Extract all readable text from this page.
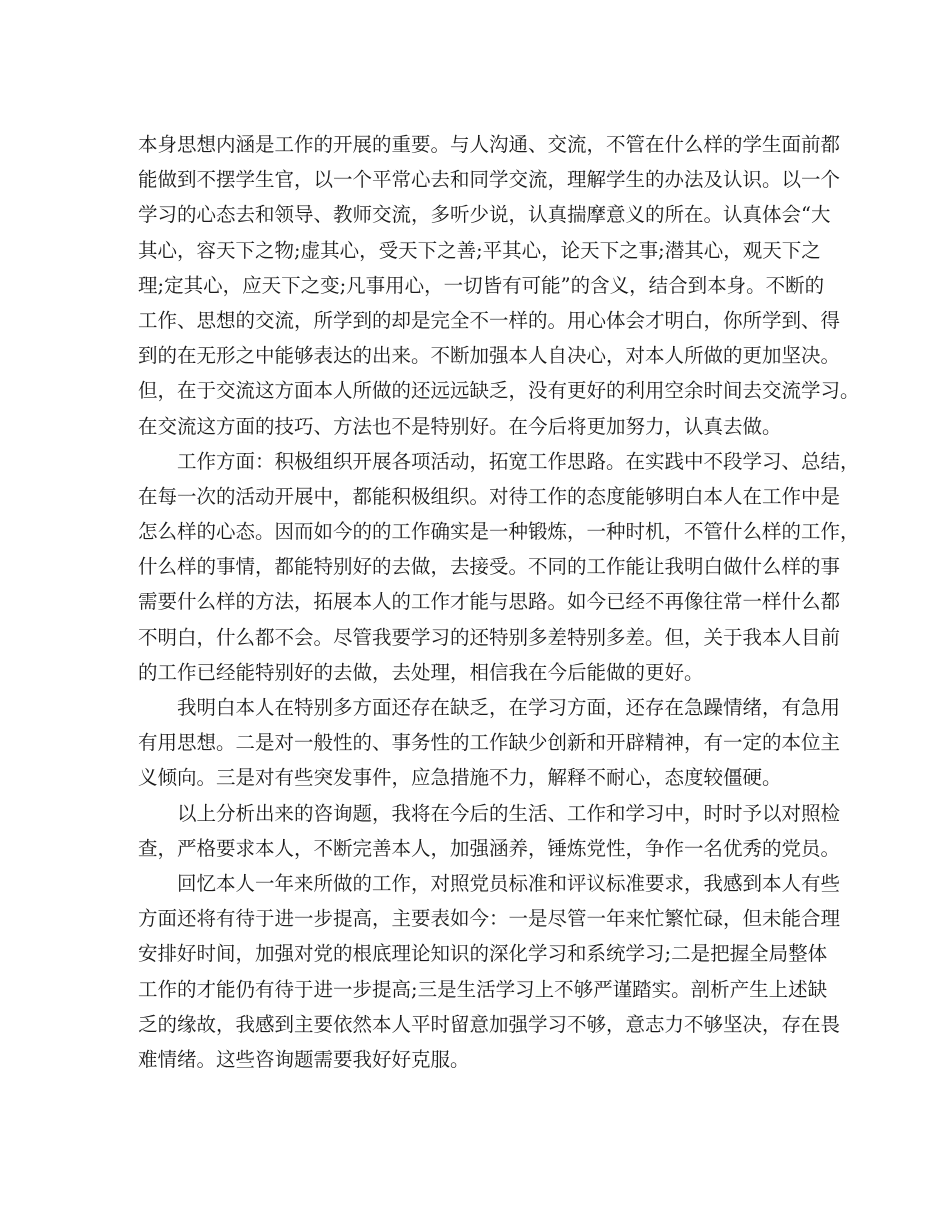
本身思想内涵是工作的开展的重要。与人沟通、交流，不管在什么样的学生面前都
能做到不摆学生官，以一个平常心去和同学交流，理解学生的办法及认识。以一个
学习的心态去和领导、教师交流，多听少说，认真揣摩意义的所在。认真体会“大
其心，容天下之物;虚其心，受天下之善;平其心，论天下之事;潜其心，观天下之
理;定其心，应天下之变;凡事用心，一切皆有可能”的含义，结合到本身。不断的
工作、思想的交流，所学到的却是完全不一样的。用心体会才明白，你所学到、得
到的在无形之中能够表达的出来。不断加强本人自决心，对本人所做的更加坚决。
但，在于交流这方面本人所做的还远远缺乏，没有更好的利用空余时间去交流学习。
在交流这方面的技巧、方法也不是特别好。在今后将更加努力，认真去做。
工作方面：积极组织开展各项活动，拓宽工作思路。在实践中不段学习、总结，
在每一次的活动开展中，都能积极组织。对待工作的态度能够明白本人在工作中是
怎么样的心态。因而如今的的工作确实是一种锻炼，一种时机，不管什么样的工作，
什么样的事情，都能特别好的去做，去接受。不同的工作能让我明白做什么样的事
需要什么样的方法，拓展本人的工作才能与思路。如今已经不再像往常一样什么都
不明白，什么都不会。尽管我要学习的还特别多差特别多差。但，关于我本人目前
的工作已经能特别好的去做，去处理，相信我在今后能做的更好。
我明白本人在特别多方面还存在缺乏，在学习方面，还存在急躁情绪，有急用
有用思想。二是对一般性的、事务性的工作缺少创新和开辟精神，有一定的本位主
义倾向。三是对有些突发事件，应急措施不力，解释不耐心，态度较僵硬。
以上分析出来的咨询题，我将在今后的生活、工作和学习中，时时予以对照检
查，严格要求本人，不断完善本人，加强涵养，锤炼党性，争作一名优秀的党员。
回忆本人一年来所做的工作，对照党员标准和评议标准要求，我感到本人有些
方面还将有待于进一步提高，主要表如今：一是尽管一年来忙繁忙碌，但未能合理
安排好时间，加强对党的根底理论知识的深化学习和系统学习;二是把握全局整体
工作的才能仍有待于进一步提高;三是生活学习上不够严谨踏实。剖析产生上述缺
乏的缘故，我感到主要依然本人平时留意加强学习不够，意志力不够坚决，存在畏
难情绪。这些咨询题需要我好好克服。
